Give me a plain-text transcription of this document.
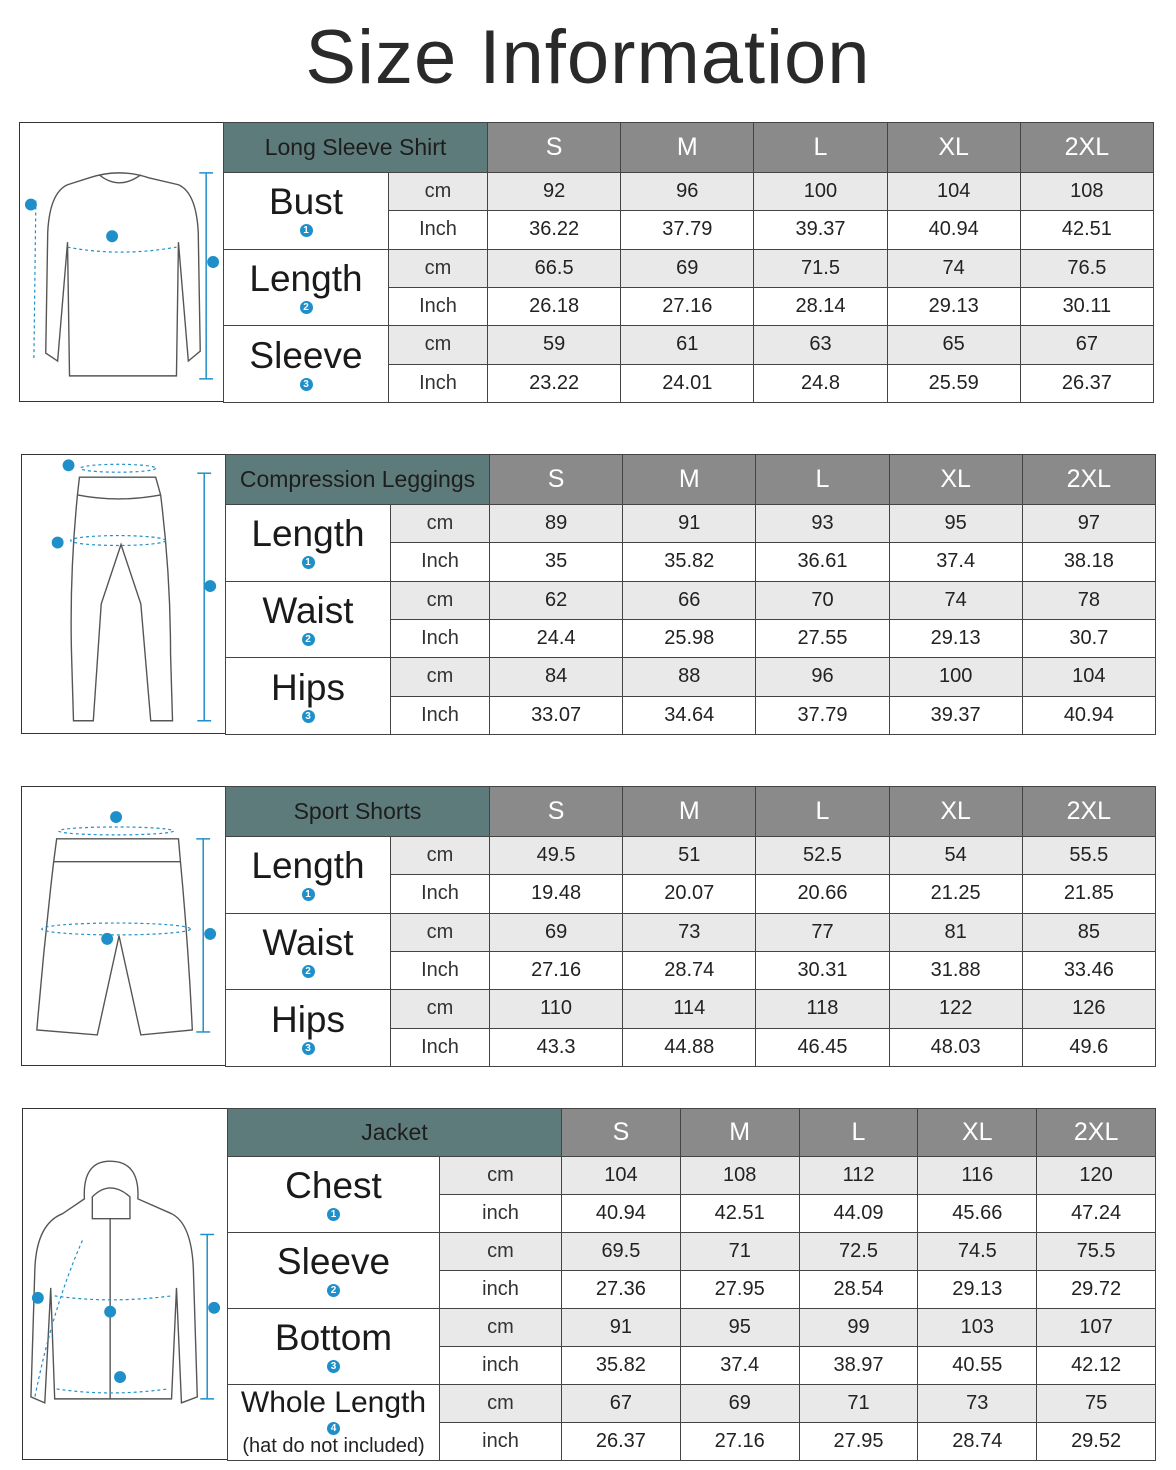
Size Information
Long Sleeve Shirt		S	M	L	XL	2XL

Bust
1	cm	92	96	100	104	108
	Inch	36.22	37.79	39.37	40.94	42.51

Length
2	cm	66.5	69	71.5	74	76.5
	Inch	26.18	27.16	28.14	29.13	30.11

Sleeve
3	cm	59	61	63	65	67
	Inch	23.22	24.01	24.8	25.59	26.37
Compression Leggings		S	M	L	XL	2XL

Length
1	cm	89	91	93	95	97
	Inch	35	35.82	36.61	37.4	38.18

Waist
2	cm	62	66	70	74	78
	Inch	24.4	25.98	27.55	29.13	30.7

Hips
3	cm	84	88	96	100	104
	Inch	33.07	34.64	37.79	39.37	40.94
Sport Shorts		S	M	L	XL	2XL

Length
1	cm	49.5	51	52.5	54	55.5
	Inch	19.48	20.07	20.66	21.25	21.85

Waist
2	cm	69	73	77	81	85
	Inch	27.16	28.74	30.31	31.88	33.46

Hips
3	cm	110	114	118	122	126
	Inch	43.3	44.88	46.45	48.03	49.6
Jacket		S	M	L	XL	2XL

Chest
1	cm	104	108	112	116	120
	inch	40.94	42.51	44.09	45.66	47.24

Sleeve
2	cm	69.5	71	72.5	74.5	75.5
	inch	27.36	27.95	28.54	29.13	29.72

Bottom
3	cm	91	95	99	103	107
	inch	35.82	37.4	38.97	40.55	42.12

Whole Length
4
(hat do not included)	cm	67	69	71	73	75
	inch	26.37	27.16	27.95	28.74	29.52
